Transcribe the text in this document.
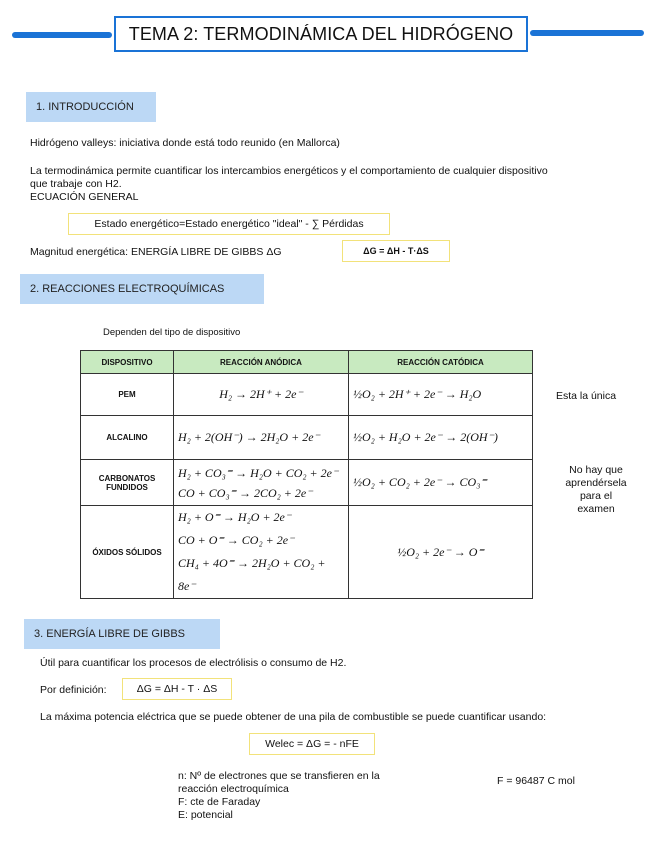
TEMA 2: TERMODINÁMICA DEL HIDRÓGENO
1. INTRODUCCIÓN
Hidrógeno valleys: iniciativa donde está todo reunido (en Mallorca)
La termodinámica permite cuantificar los intercambios energéticos y el comportamiento de cualquier dispositivo
que trabaje con H2.
ECUACIÓN GENERAL
Estado energético=Estado energético "ideal" - ∑ Pérdidas
Magnitud energética: ENERGÍA LIBRE DE GIBBS ΔG	ΔG = ΔH - T·ΔS
2. REACCIONES ELECTROQUÍMICAS
Dependen del tipo de dispositivo
DISPOSITIVO	REACCIÓN ANÓDICA	REACCIÓN CATÓDICA
PEM	H₂ → 2H⁺ + 2e⁻	½O₂ + 2H⁺ + 2e⁻ → H₂O
ALCALINO	H₂ + 2(OH⁻) → 2H₂O + 2e⁻	½O₂ + H₂O + 2e⁻ → 2(OH⁻)
CARBONATOS FUNDIDOS	H₂ + CO₃⁼ → H₂O + CO₂ + 2e⁻
CO + CO₃⁼ → 2CO₂ + 2e⁻	½O₂ + CO₂ + 2e⁻ → CO₃⁼
ÓXIDOS SÓLIDOS	H₂ + O⁼ → H₂O + 2e⁻
CO + O⁼ → CO₂ + 2e⁻
CH₄ + 4O⁼ → 2H₂O + CO₂ + 8e⁻	½O₂ + 2e⁻ → O⁼
Esta la única
No hay que
aprendérsela
para el
examen
3. ENERGÍA LIBRE DE GIBBS
Útil para cuantificar los procesos de electrólisis o consumo de H2.
Por definición:	ΔG = ΔH - T · ΔS
La máxima potencia eléctrica que se puede obtener de una pila de combustible se puede cuantificar usando:
Welec = ΔG = - nFE
n: Nº de electrones que se transfieren en la
reacción electroquímica
F: cte de Faraday
E: potencial
F = 96487 C mol
